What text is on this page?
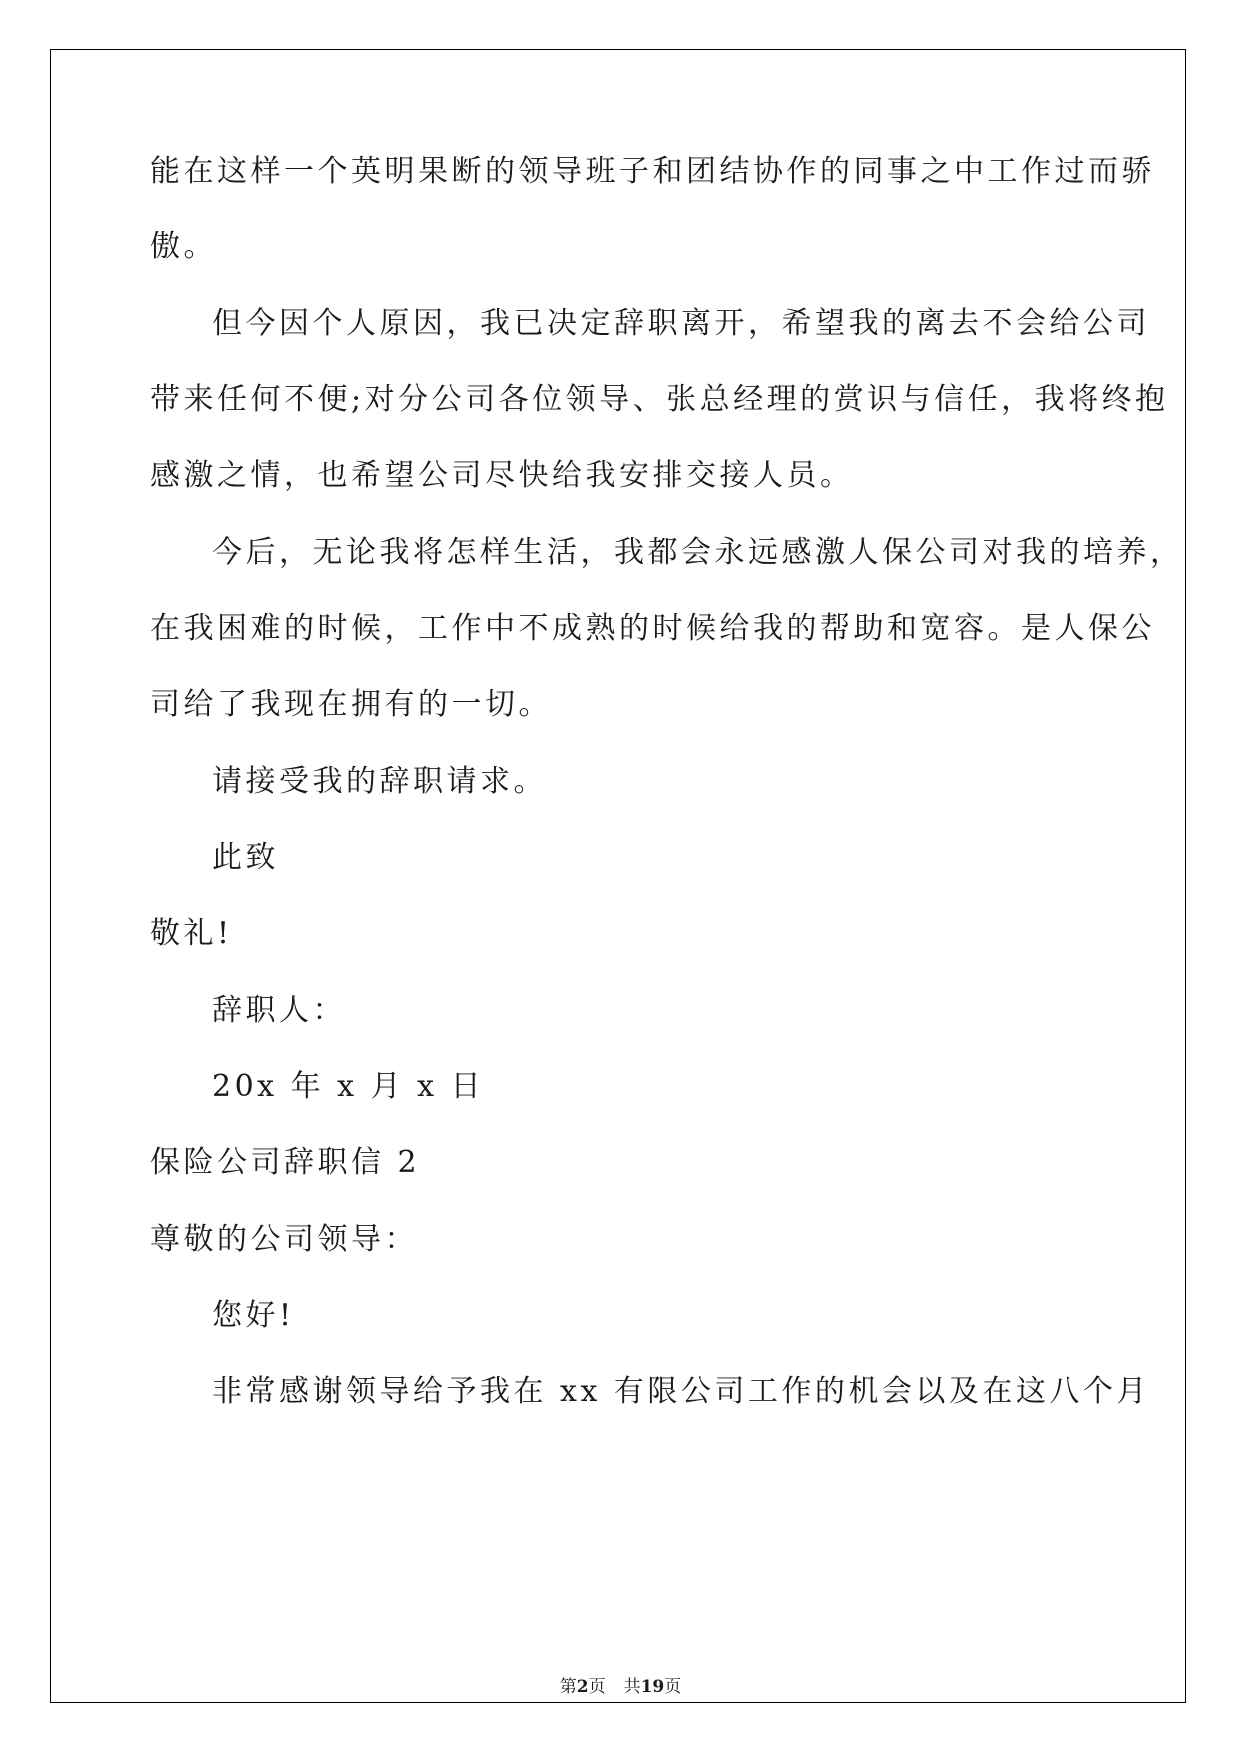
能在这样一个英明果断的领导班子和团结协作的同事之中工作过而骄
傲。
但今因个人原因，我已决定辞职离开，希望我的离去不会给公司
带来任何不便;对分公司各位领导、张总经理的赏识与信任，我将终抱
感激之情，也希望公司尽快给我安排交接人员。
今后，无论我将怎样生活，我都会永远感激人保公司对我的培养，
在我困难的时候，工作中不成熟的时候给我的帮助和宽容。是人保公
司给了我现在拥有的一切。
请接受我的辞职请求。
此致
敬礼!
辞职人：
20x 年 x 月 x 日
保险公司辞职信 2
尊敬的公司领导：
您好!
非常感谢领导给予我在 xx 有限公司工作的机会以及在这八个月
第2页 共19页
